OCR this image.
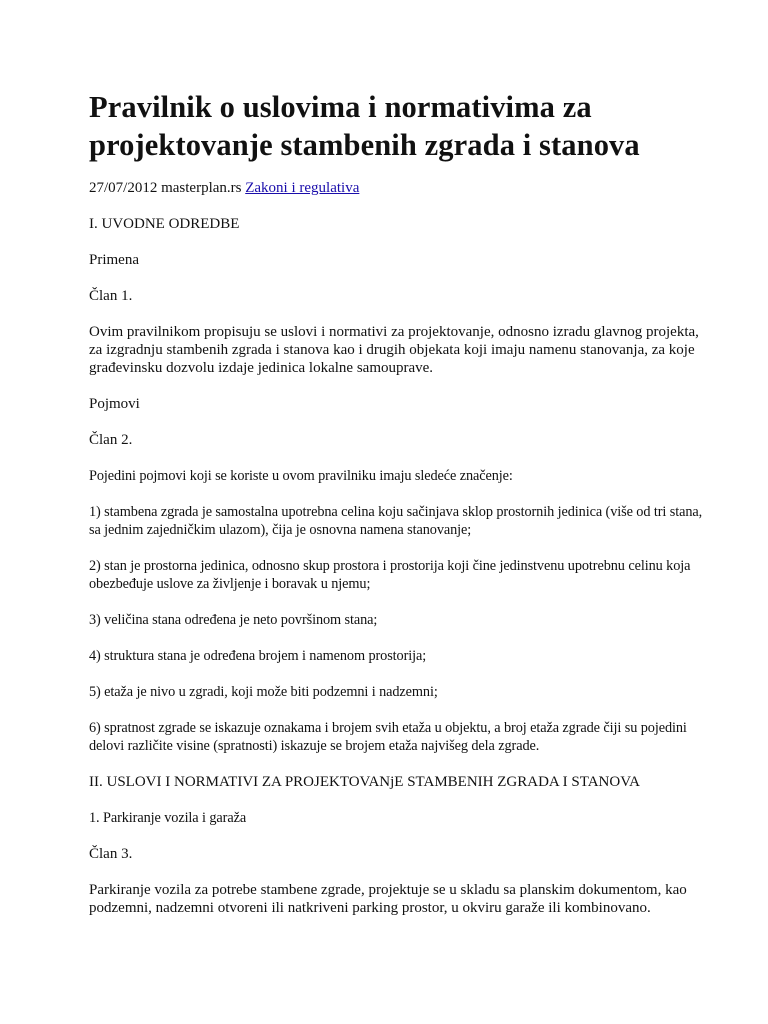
Pravilnik o uslovima i normativima za projektovanje stambenih zgrada i stanova
27/07/2012 masterplan.rs Zakoni i regulativa

I. UVODNE ODREDBE

Primena

Član 1.

Ovim pravilnikom propisuju se uslovi i normativi za projektovanje, odnosno izradu glavnog projekta, za izgradnju stambenih zgrada i stanova kao i drugih objekata koji imaju namenu stanovanja, za koje građevinsku dozvolu izdaje jedinica lokalne samouprave.

Pojmovi

Član 2.

Pojedini pojmovi koji se koriste u ovom pravilniku imaju sledeće značenje:

1) stambena zgrada je samostalna upotrebna celina koju sačinjava sklop prostornih jedinica (više od tri stana, sa jednim zajedničkim ulazom), čija je osnovna namena stanovanje;

2) stan je prostorna jedinica, odnosno skup prostora i prostorija koji čine jedinstvenu upotrebnu celinu koja obezbeđuje uslove za življenje i boravak u njemu;

3) veličina stana određena je neto površinom stana;

4) struktura stana je određena brojem i namenom prostorija;

5) etaža je nivo u zgradi, koji može biti podzemni i nadzemni;

6) spratnost zgrade se iskazuje oznakama i brojem svih etaža u objektu, a broj etaža zgrade čiji su pojedini delovi različite visine (spratnosti) iskazuje se brojem etaža najvišeg dela zgrade.

II. USLOVI I NORMATIVI ZA PROJEKTOVANjE STAMBENIH ZGRADA I STANOVA

1. Parkiranje vozila i garaža

Član 3.

Parkiranje vozila za potrebe stambene zgrade, projektuje se u skladu sa planskim dokumentom, kao podzemni, nadzemni otvoreni ili natkriveni parking prostor, u okviru garaže ili kombinovano.
